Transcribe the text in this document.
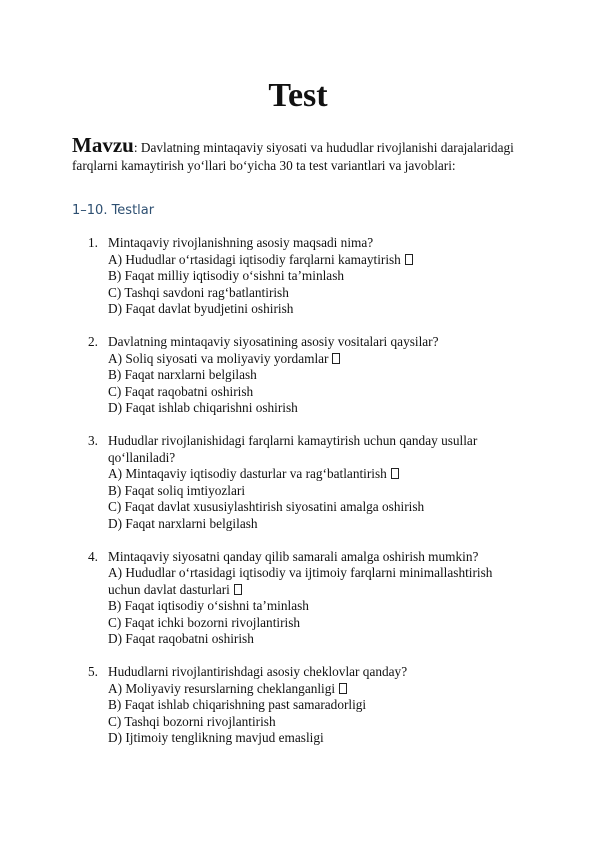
Test

Mavzu: Davlatning mintaqaviy siyosati va hududlar rivojlanishi darajalaridagi farqlarni kamaytirish yo‘llari bo‘yicha 30 ta test variantlari va javoblari:

1–10. Testlar
1. Mintaqaviy rivojlanishning asosiy maqsadi nima?
A) Hududlar o‘rtasidagi iqtisodiy farqlarni kamaytirish
B) Faqat milliy iqtisodiy o‘sishni ta’minlash
C) Tashqi savdoni rag‘batlantirish
D) Faqat davlat byudjetini oshirish
2. Davlatning mintaqaviy siyosatining asosiy vositalari qaysilar?
A) Soliq siyosati va moliyaviy yordamlar
B) Faqat narxlarni belgilash
C) Faqat raqobatni oshirish
D) Faqat ishlab chiqarishni oshirish
3. Hududlar rivojlanishidagi farqlarni kamaytirish uchun qanday usullar qo‘llaniladi?
A) Mintaqaviy iqtisodiy dasturlar va rag‘batlantirish
B) Faqat soliq imtiyozlari
C) Faqat davlat xususiylashtirish siyosatini amalga oshirish
D) Faqat narxlarni belgilash
4. Mintaqaviy siyosatni qanday qilib samarali amalga oshirish mumkin?
A) Hududlar o‘rtasidagi iqtisodiy va ijtimoiy farqlarni minimallashtirish uchun davlat dasturlari
B) Faqat iqtisodiy o‘sishni ta’minlash
C) Faqat ichki bozorni rivojlantirish
D) Faqat raqobatni oshirish
5. Hududlarni rivojlantirishdagi asosiy cheklovlar qanday?
A) Moliyaviy resurslarning cheklanganligi
B) Faqat ishlab chiqarishning past samaradorligi
C) Tashqi bozorni rivojlantirish
D) Ijtimoiy tenglikning mavjud emasligi
